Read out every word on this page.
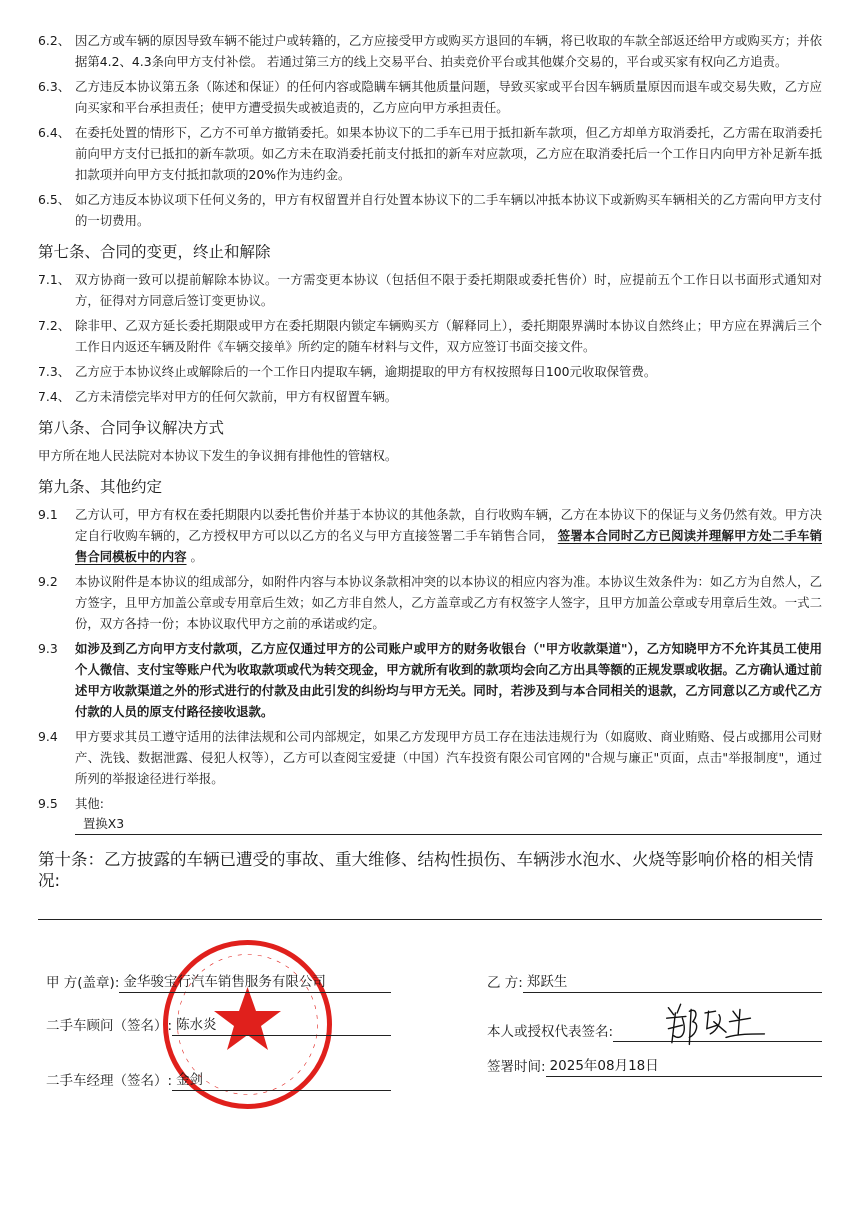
6.2、 因乙方或车辆的原因导致车辆不能过户或转籍的，乙方应接受甲方或购买方退回的车辆，将已收取的车款全部返还给甲方或购买方；并依据第4.2、4.3条向甲方支付补偿。 若通过第三方的线上交易平台、拍卖竞价平台或其他媒介交易的，平台或买家有权向乙方追责。
6.3、 乙方违反本协议第五条（陈述和保证）的任何内容或隐瞒车辆其他质量问题，导致买家或平台因车辆质量原因而退车或交易失败，乙方应向买家和平台承担责任；使甲方遭受损失或被追责的，乙方应向甲方承担责任。
6.4、 在委托处置的情形下，乙方不可单方撤销委托。如果本协议下的二手车已用于抵扣新车款项，但乙方却单方取消委托，乙方需在取消委托前向甲方支付已抵扣的新车款项。如乙方未在取消委托前支付抵扣的新车对应款项，乙方应在取消委托后一个工作日内向甲方补足新车抵扣款项并向甲方支付抵扣款项的20%作为违约金。
6.5、 如乙方违反本协议项下任何义务的，甲方有权留置并自行处置本协议下的二手车辆以冲抵本协议下或新购买车辆相关的乙方需向甲方支付的一切费用。
第七条、合同的变更，终止和解除
7.1、 双方协商一致可以提前解除本协议。一方需变更本协议（包括但不限于委托期限或委托售价）时，应提前五个工作日以书面形式通知对方，征得对方同意后签订变更协议。
7.2、 除非甲、乙双方延长委托期限或甲方在委托期限内锁定车辆购买方（解释同上），委托期限界满时本协议自然终止；甲方应在界满后三个工作日内返还车辆及附件《车辆交接单》所约定的随车材料与文件，双方应签订书面交接文件。
7.3、 乙方应于本协议终止或解除后的一个工作日内提取车辆，逾期提取的甲方有权按照每日100元收取保管费。
7.4、 乙方未清偿完毕对甲方的任何欠款前，甲方有权留置车辆。
第八条、合同争议解决方式
甲方所在地人民法院对本协议下发生的争议拥有排他性的管辖权。
第九条、其他约定
9.1 乙方认可，甲方有权在委托期限内以委托售价并基于本协议的其他条款，自行收购车辆，乙方在本协议下的保证与义务仍然有效。甲方决定自行收购车辆的，乙方授权甲方可以以乙方的名义与甲方直接签署二手车销售合同， 签署本合同时乙方已阅读并理解甲方处二手车销售合同模板中的内容 。
9.2 本协议附件是本协议的组成部分，如附件内容与本协议条款相冲突的以本协议的相应内容为准。本协议生效条件为：如乙方为自然人，乙方签字，且甲方加盖公章或专用章后生效；如乙方非自然人，乙方盖章或乙方有权签字人签字，且甲方加盖公章或专用章后生效。一式二份，双方各持一份；本协议取代甲方之前的承诺或约定。
9.3 如涉及到乙方向甲方支付款项，乙方应仅通过甲方的公司账户或甲方的财务收银台（"甲方收款渠道"），乙方知晓甲方不允许其员工使用个人微信、支付宝等账户代为收取款项或代为转交现金，甲方就所有收到的款项均会向乙方出具等额的正规发票或收据。乙方确认通过前述甲方收款渠道之外的形式进行的付款及由此引发的纠纷均与甲方无关。同时，若涉及到与本合同相关的退款，乙方同意以乙方或代乙方付款的人员的原支付路径接收退款。
9.4 甲方要求其员工遵守适用的法律法规和公司内部规定，如果乙方发现甲方员工存在违法违规行为（如腐败、商业贿赂、侵占或挪用公司财产、洗钱、数据泄露、侵犯人权等），乙方可以查阅宝爱捷（中国）汽车投资有限公司官网的"合规与廉正"页面，点击"举报制度"，通过所列的举报途径进行举报。
9.5 其他:
置换X3
第十条：乙方披露的车辆已遭受的事故、重大维修、结构性损伤、车辆涉水泡水、火烧等影响价格的相关情况:
甲 方(盖章): 金华骏宝行汽车销售服务有限公司
二手车顾问（签名）: 陈水炎
二手车经理（签名）: 金剑
乙 方: 郑跃生
本人或授权代表签名:
签署时间: 2025年08月18日
